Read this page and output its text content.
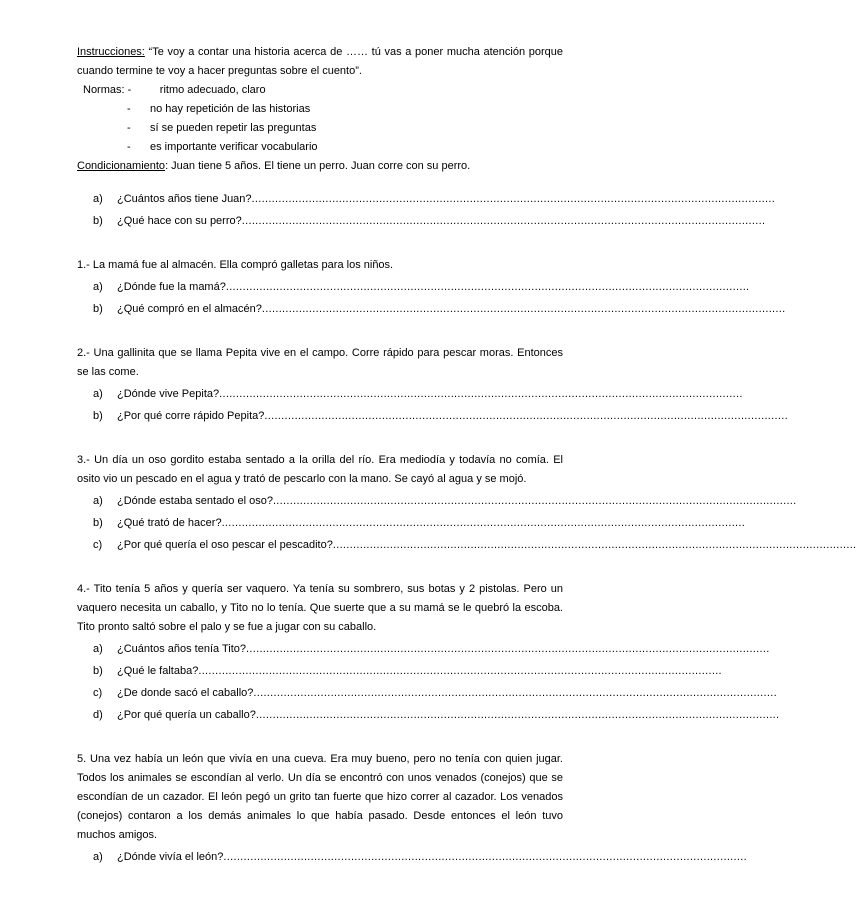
Instrucciones: “Te voy a contar una historia acerca de …… tú vas a poner mucha atención porque cuando termine te voy a hacer preguntas sobre el cuento”.

Normas:
-
	ritmo adecuado, claro
-	no hay repetición de las historias
-	sí se pueden repetir las preguntas
-	es importante verificar vocabulario

Condicionamiento: Juan tiene 5 años. El tiene un perro. Juan corre con su perro.

a)	¿Cuántos años tiene Juan? ............................................................................................................................................................
b)	¿Qué hace con su perro? ............................................................................................................................................................

1.- La mamá fue al almacén. Ella compró galletas para los niños.

a)	¿Dónde fue la mamá? ............................................................................................................................................................
b)	¿Qué compró en el almacén? ............................................................................................................................................................

2.- Una gallinita que se llama Pepita vive en el campo. Corre rápido para pescar moras. Entonces se las come.

a)	¿Dónde vive Pepita? ............................................................................................................................................................
b)	¿Por qué corre rápido Pepita? ............................................................................................................................................................

3.- Un día un oso gordito estaba sentado a la orilla del río. Era mediodía y todavía no comía. El osito vio un pescado en el agua y trató de pescarlo con la mano. Se cayó al agua y se mojó.

a)	¿Dónde estaba sentado el oso? ............................................................................................................................................................
b)	¿Qué trató de hacer? ............................................................................................................................................................
c)	¿Por qué quería el oso pescar el pescadito? ............................................................................................................................................................

4.- Tito tenía 5 años y quería ser vaquero. Ya tenía su sombrero, sus botas y 2 pistolas. Pero un vaquero necesita un caballo, y Tito no lo tenía. Que suerte que a su mamá se le quebró la escoba. Tito pronto saltó sobre el palo y se fue a jugar con su caballo.

a)	¿Cuántos años tenía Tito? ............................................................................................................................................................
b)	¿Qué le faltaba? ............................................................................................................................................................
c)	¿De donde sacó el caballo? ............................................................................................................................................................
d)	¿Por qué quería un caballo? ............................................................................................................................................................

5. Una vez había un león que vivía en una cueva. Era muy bueno, pero no tenía con quien jugar. Todos los animales se escondían al verlo. Un día se encontró con unos venados (conejos) que se escondían de un cazador. El león pegó un grito tan fuerte que hizo correr al cazador. Los venados (conejos) contaron a los demás animales lo que había pasado. Desde entonces el león tuvo muchos amigos.

a)	¿Dónde vivía el león? ............................................................................................................................................................
